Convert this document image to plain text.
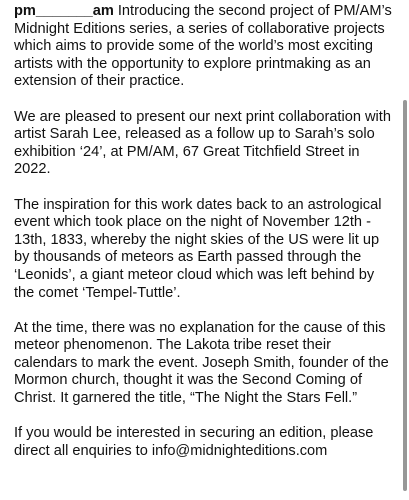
pm_______am Introducing the second project of PM/AM’s Midnight Editions series, a series of collaborative projects which aims to provide some of the world’s most exciting artists with the opportunity to explore printmaking as an extension of their practice.

We are pleased to present our next print collaboration with artist Sarah Lee, released as a follow up to Sarah’s solo exhibition ‘24’, at PM/AM, 67 Great Titchfield Street in 2022.

The inspiration for this work dates back to an astrological event which took place on the night of November 12th - 13th, 1833, whereby the night skies of the US were lit up by thousands of meteors as Earth passed through the ‘Leonids’, a giant meteor cloud which was left behind by the comet ‘Tempel-Tuttle’.

At the time, there was no explanation for the cause of this meteor phenomenon. The Lakota tribe reset their calendars to mark the event. Joseph Smith, founder of the Mormon church, thought it was the Second Coming of Christ. It garnered the title, “The Night the Stars Fell.”

If you would be interested in securing an edition, please direct all enquiries to info@midnighteditions.com
